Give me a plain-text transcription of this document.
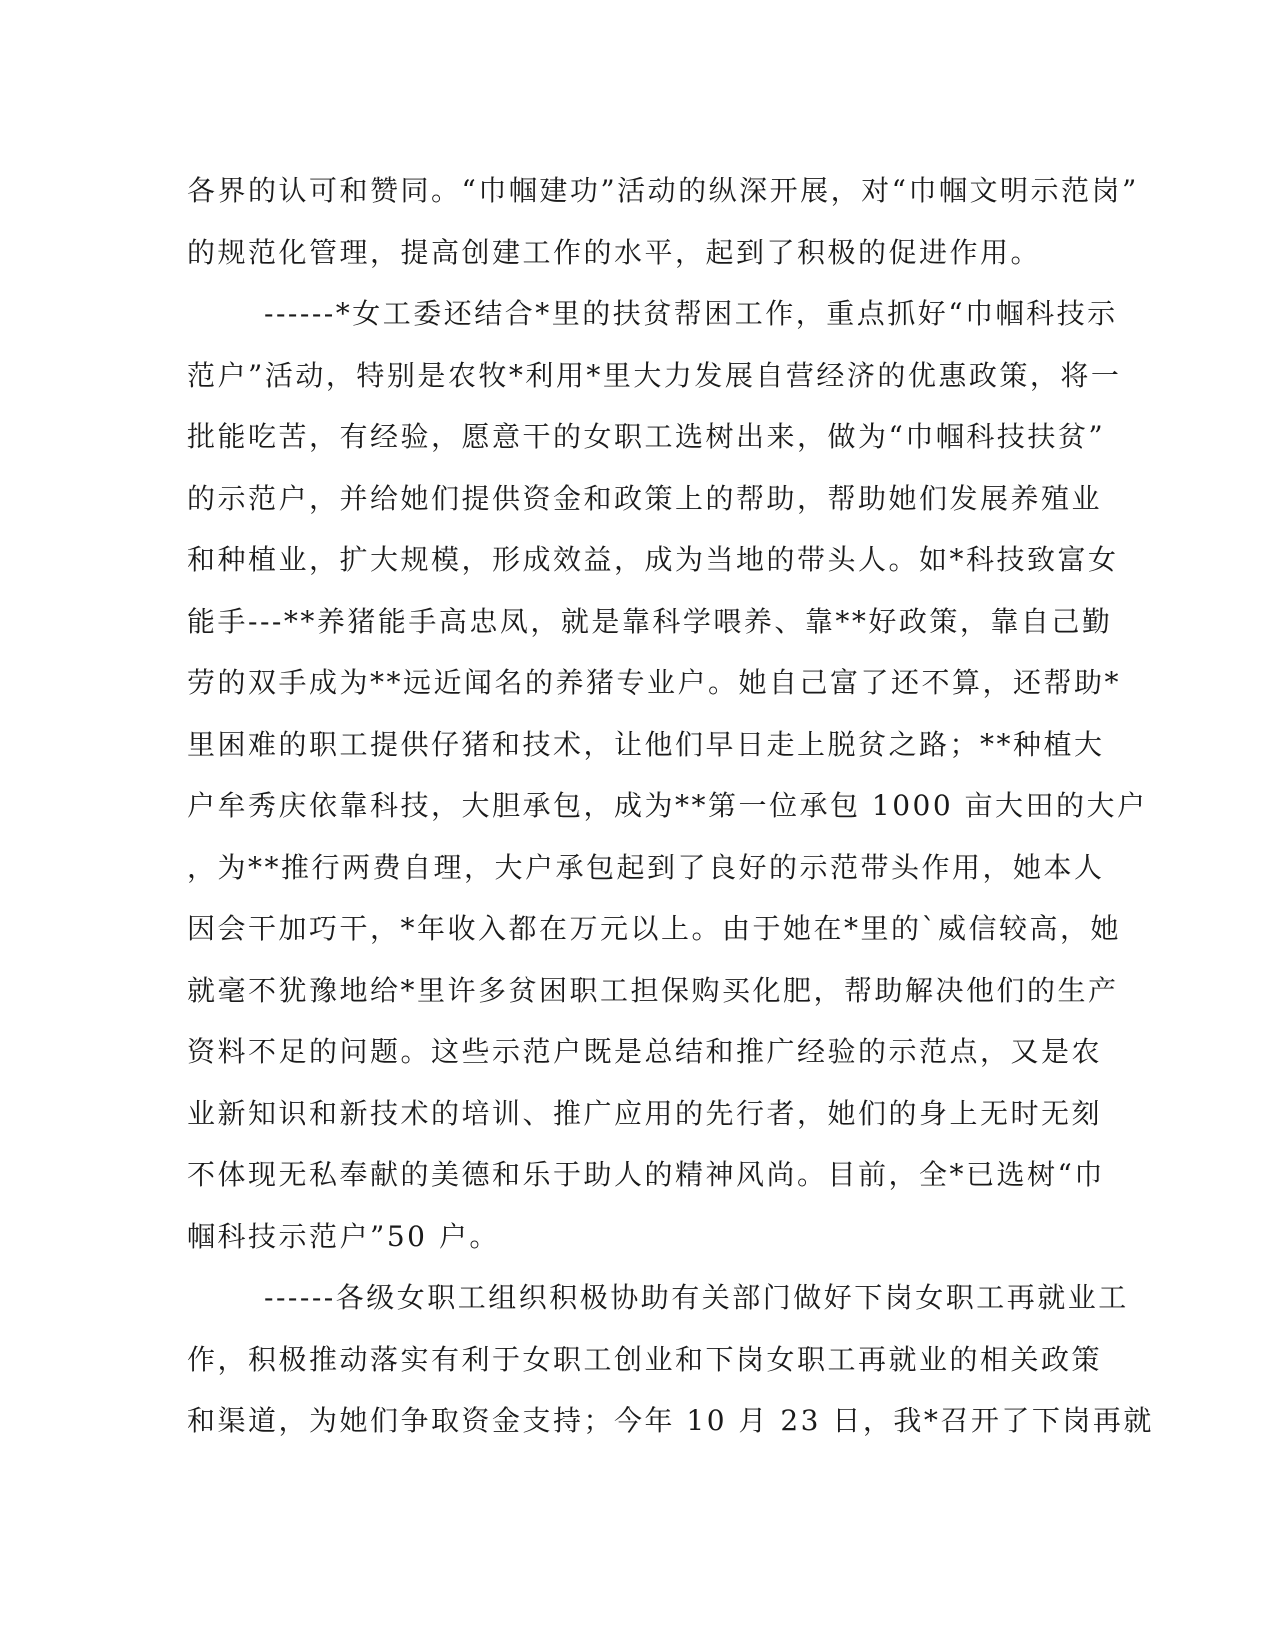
各界的认可和赞同。“巾帼建功”活动的纵深开展，对“巾帼文明示范岗”
的规范化管理，提高创建工作的水平，起到了积极的促进作用。
------*女工委还结合*里的扶贫帮困工作，重点抓好“巾帼科技示
范户”活动，特别是农牧*利用*里大力发展自营经济的优惠政策，将一
批能吃苦，有经验，愿意干的女职工选树出来，做为“巾帼科技扶贫”
的示范户，并给她们提供资金和政策上的帮助，帮助她们发展养殖业
和种植业，扩大规模，形成效益，成为当地的带头人。如*科技致富女
能手---**养猪能手高忠凤，就是靠科学喂养、靠**好政策，靠自己勤
劳的双手成为**远近闻名的养猪专业户。她自己富了还不算，还帮助*
里困难的职工提供仔猪和技术，让他们早日走上脱贫之路；**种植大
户牟秀庆依靠科技，大胆承包，成为**第一位承包 1000 亩大田的大户
，为**推行两费自理，大户承包起到了良好的示范带头作用，她本人
因会干加巧干，*年收入都在万元以上。由于她在*里的`威信较高，她
就毫不犹豫地给*里许多贫困职工担保购买化肥，帮助解决他们的生产
资料不足的问题。这些示范户既是总结和推广经验的示范点，又是农
业新知识和新技术的培训、推广应用的先行者，她们的身上无时无刻
不体现无私奉献的美德和乐于助人的精神风尚。目前，全*已选树“巾
帼科技示范户”50 户。
------各级女职工组织积极协助有关部门做好下岗女职工再就业工
作，积极推动落实有利于女职工创业和下岗女职工再就业的相关政策
和渠道，为她们争取资金支持；今年 10 月 23 日，我*召开了下岗再就
